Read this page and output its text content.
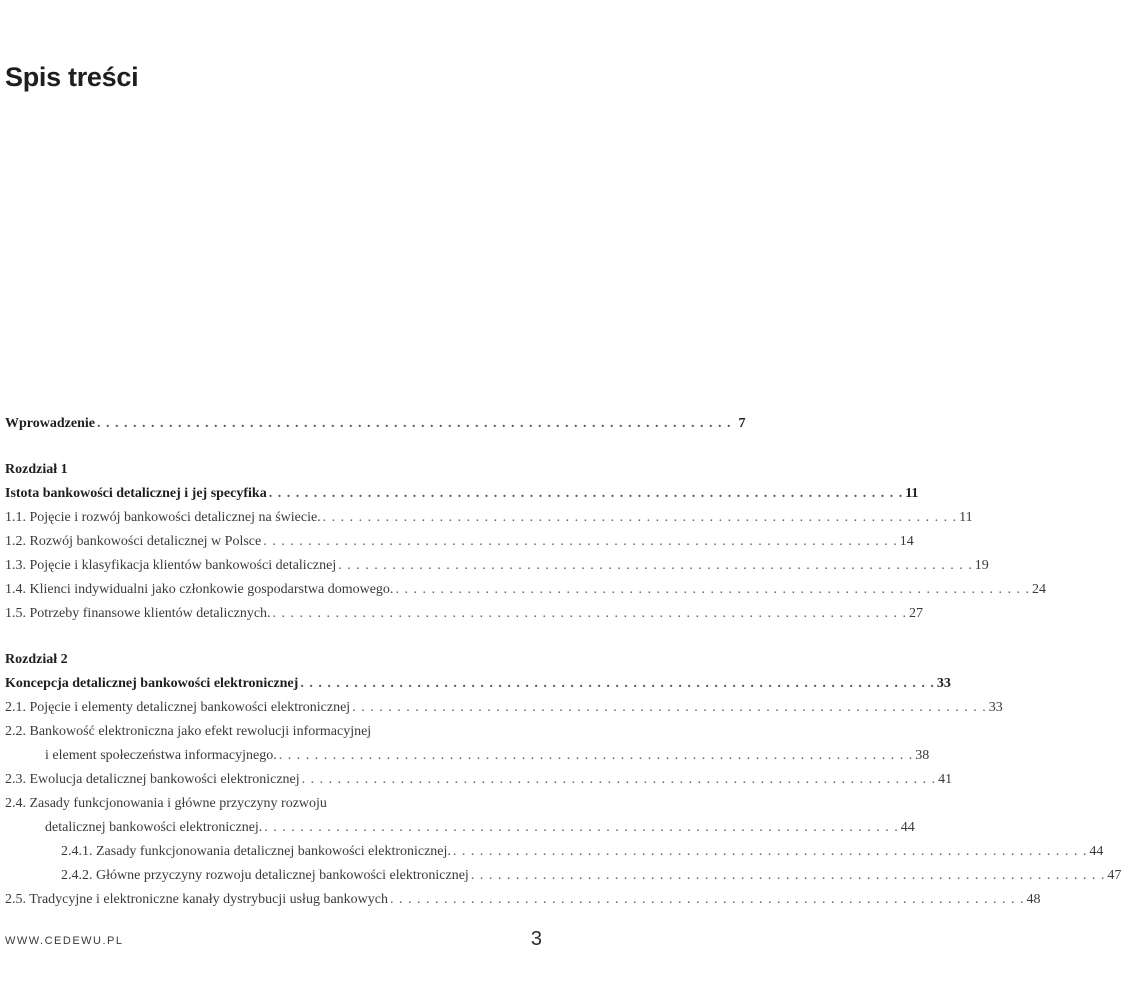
Spis treści
Wprowadzenie . . . . . . . . . . . . . . . . . . . . . . . . . . . . . . . . . . . . . . . . . . . . . . . . . . . . . . . . . . . . . . . . . . . . . . . 7
Rozdział 1
Istota bankowości detalicznej i jej specyfika . . . . . . . . . . . . . . . . . . . . . . . . . . . . . . . . . . . . . . . . . . . . . . . . . . . . . . . . . . . . . . . . . . . . . . . 11
1.1. Pojęcie i rozwój bankowości detalicznej na świecie. . . . . . . . . . . . . . . . . . . . . . . . . . . . . . . . . . . . . . . . . . . . . . . . . . . . . . . . . . . . . . . . . . . . . . . . 11
1.2. Rozwój bankowości detalicznej w Polsce . . . . . . . . . . . . . . . . . . . . . . . . . . . . . . . . . . . . . . . . . . . . . . . . . . . . . . . . . . . . . . . . . . . . . . . 14
1.3. Pojęcie i klasyfikacja klientów bankowości detalicznej . . . . . . . . . . . . . . . . . . . . . . . . . . . . . . . . . . . . . . . . . . . . . . . . . . . . . . . . . . . . . . . . . . . . . . . 19
1.4. Klienci indywidualni jako członkowie gospodarstwa domowego. . . . . . . . . . . . . . . . . . . . . . . . . . . . . . . . . . . . . . . . . . . . . . . . . . . . . . . . . . . . . . . . . . . . . . . . 24
1.5. Potrzeby finansowe klientów detalicznych. . . . . . . . . . . . . . . . . . . . . . . . . . . . . . . . . . . . . . . . . . . . . . . . . . . . . . . . . . . . . . . . . . . . . . . . 27
Rozdział 2
Koncepcja detalicznej bankowości elektronicznej . . . . . . . . . . . . . . . . . . . . . . . . . . . . . . . . . . . . . . . . . . . . . . . . . . . . . . . . . . . . . . . . . . . . . . . 33
2.1. Pojęcie i elementy detalicznej bankowości elektronicznej . . . . . . . . . . . . . . . . . . . . . . . . . . . . . . . . . . . . . . . . . . . . . . . . . . . . . . . . . . . . . . . . . . . . . . . 33
2.2. Bankowość elektroniczna jako efekt rewolucji informacyjnej
i element społeczeństwa informacyjnego. . . . . . . . . . . . . . . . . . . . . . . . . . . . . . . . . . . . . . . . . . . . . . . . . . . . . . . . . . . . . . . . . . . . . . . . 38
2.3. Ewolucja detalicznej bankowości elektronicznej . . . . . . . . . . . . . . . . . . . . . . . . . . . . . . . . . . . . . . . . . . . . . . . . . . . . . . . . . . . . . . . . . . . . . . . 41
2.4. Zasady funkcjonowania i główne przyczyny rozwoju
detalicznej bankowości elektronicznej. . . . . . . . . . . . . . . . . . . . . . . . . . . . . . . . . . . . . . . . . . . . . . . . . . . . . . . . . . . . . . . . . . . . . . . . 44
2.4.1. Zasady funkcjonowania detalicznej bankowości elektronicznej. . . . . . . . . . . . . . . . . . . . . . . . . . . . . . . . . . . . . . . . . . . . . . . . . . . . . . . . . . . . . . . . . . . . . . . . 44
2.4.2. Główne przyczyny rozwoju detalicznej bankowości elektronicznej . . . . . . . . . . . . . . . . . . . . . . . . . . . . . . . . . . . . . . . . . . . . . . . . . . . . . . . . . . . . . . . . . . . . . . . 47
2.5. Tradycyjne i elektroniczne kanały dystrybucji usług bankowych . . . . . . . . . . . . . . . . . . . . . . . . . . . . . . . . . . . . . . . . . . . . . . . . . . . . . . . . . . . . . . . . . . . . . . . 48
WWW.CEDEWU.PL	3
